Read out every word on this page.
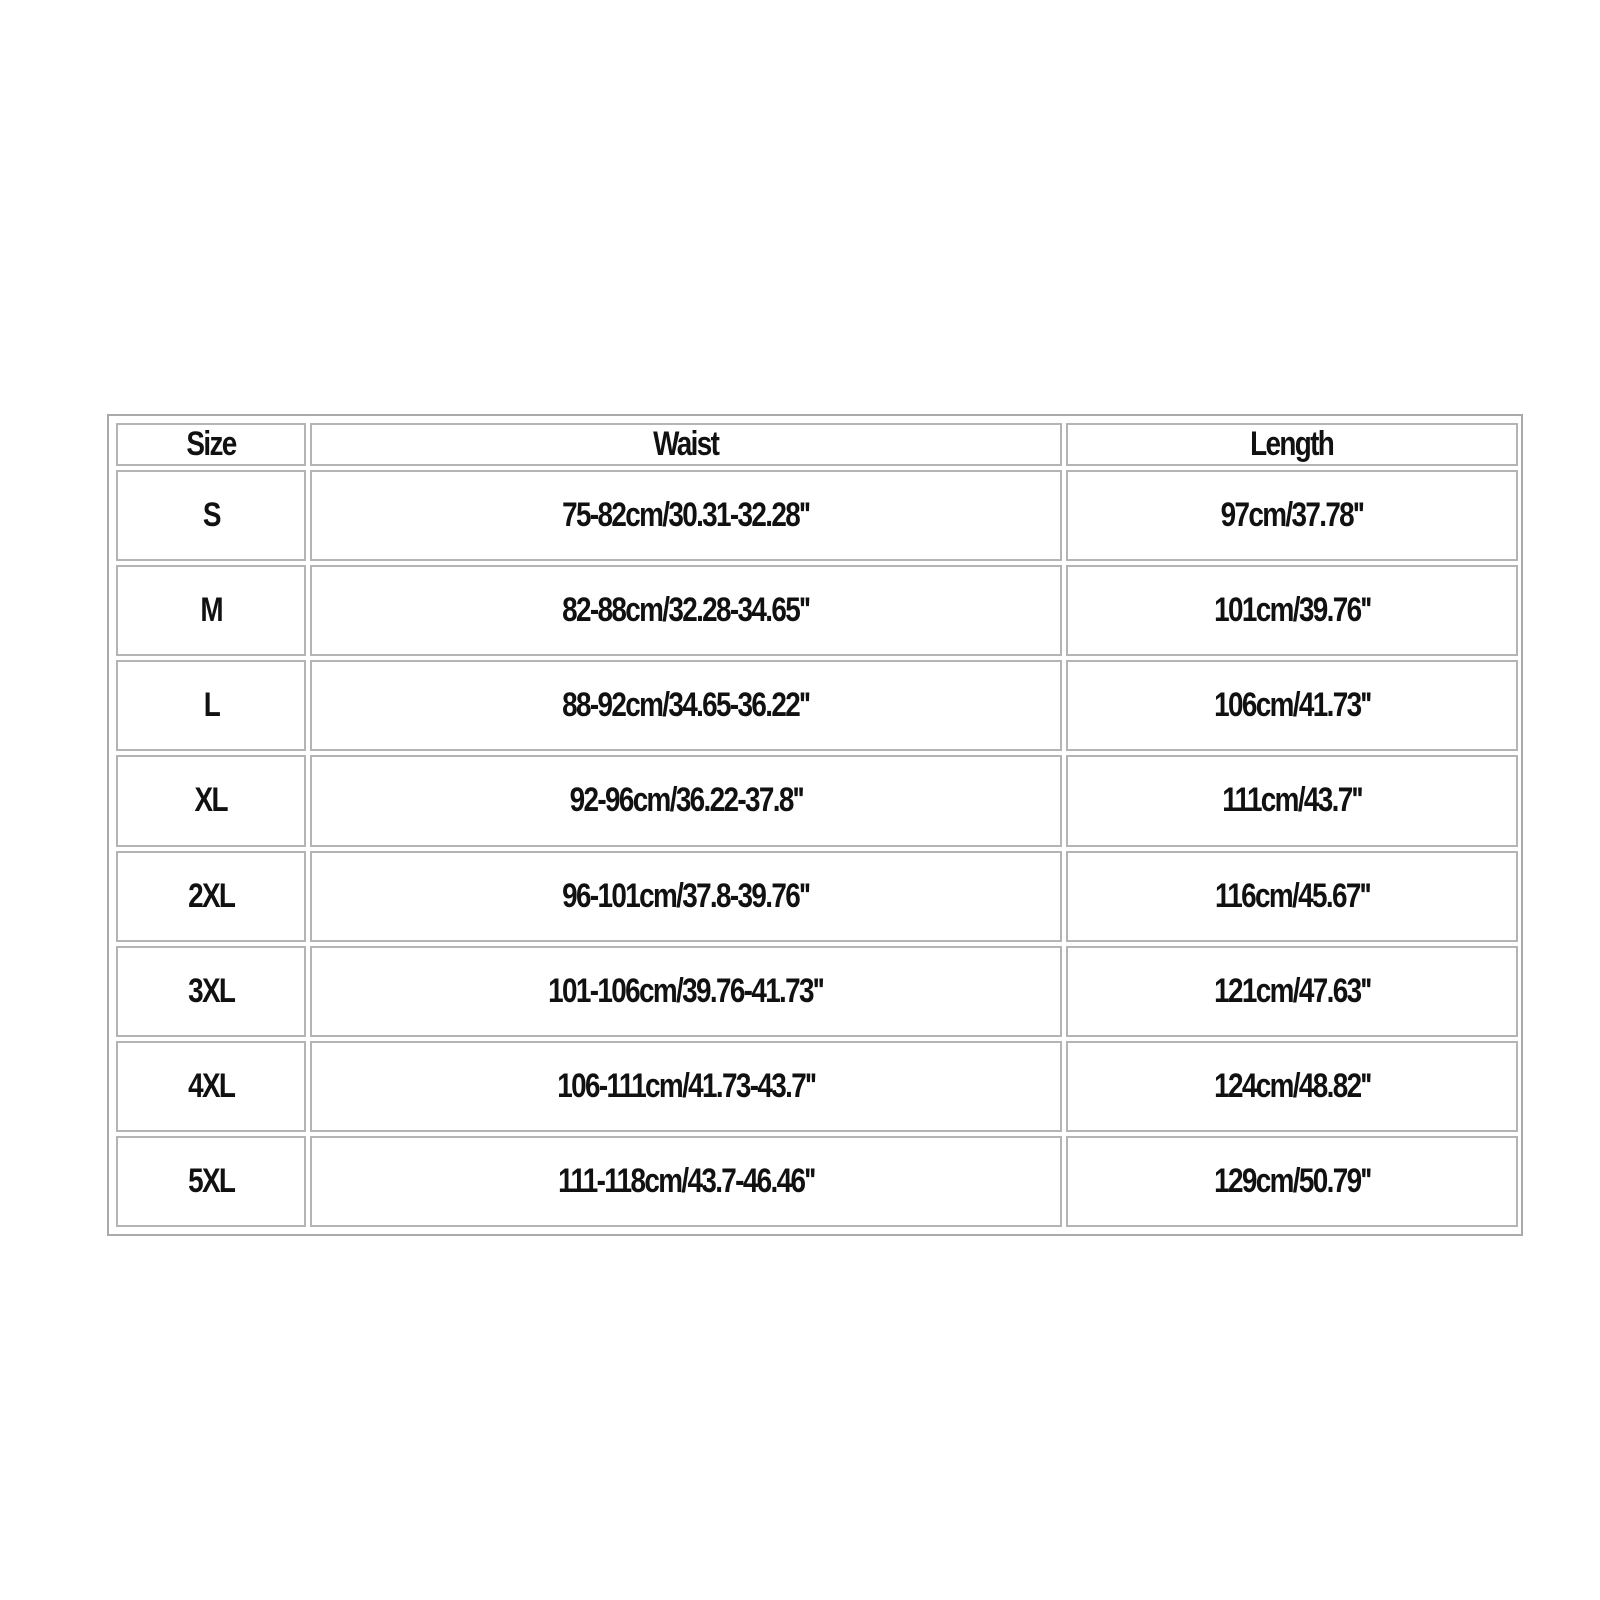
Size	Waist	Length
S	75-82cm/30.31-32.28''	97cm/37.78''
M	82-88cm/32.28-34.65''	101cm/39.76''
L	88-92cm/34.65-36.22''	106cm/41.73''
XL	92-96cm/36.22-37.8''	111cm/43.7''
2XL	96-101cm/37.8-39.76''	116cm/45.67''
3XL	101-106cm/39.76-41.73''	121cm/47.63''
4XL	106-111cm/41.73-43.7''	124cm/48.82''
5XL	111-118cm/43.7-46.46''	129cm/50.79''
